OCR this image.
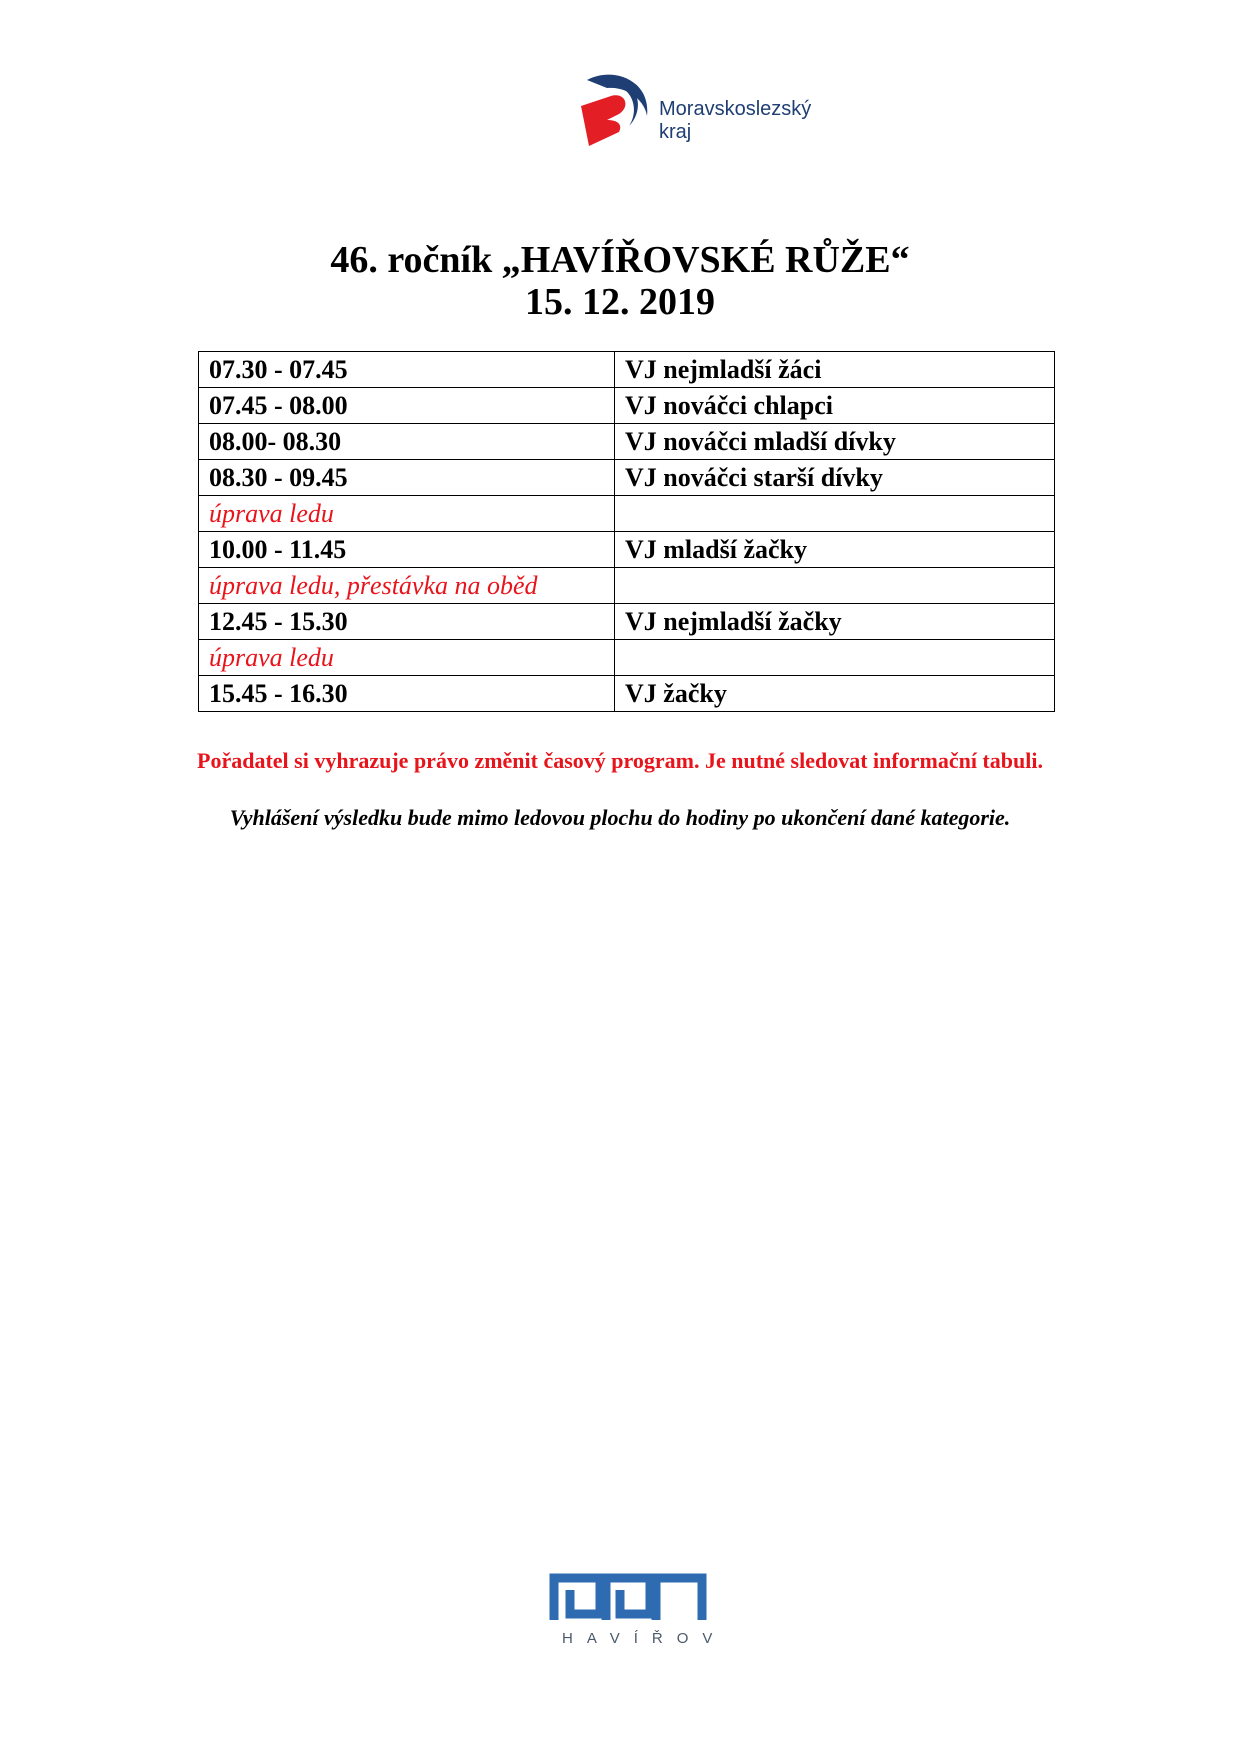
Moravskoslezský
kraj
46. ročník „HAVÍŘOVSKÉ RŮŽE“
15. 12. 2019
07.30 - 07.45	VJ nejmladší žáci
07.45 - 08.00	VJ nováčci chlapci
08.00- 08.30	VJ nováčci mladší dívky
08.30 - 09.45	VJ nováčci starší dívky
úprava ledu	
10.00 - 11.45	VJ mladší žačky
úprava ledu, přestávka na oběd	
12.45 - 15.30	VJ nejmladší žačky
úprava ledu	
15.45 - 16.30	VJ žačky
Pořadatel si vyhrazuje právo změnit časový program. Je nutné sledovat informační tabuli.
Vyhlášení výsledku bude mimo ledovou plochu do hodiny po ukončení dané kategorie.
HAVÍŘOV
